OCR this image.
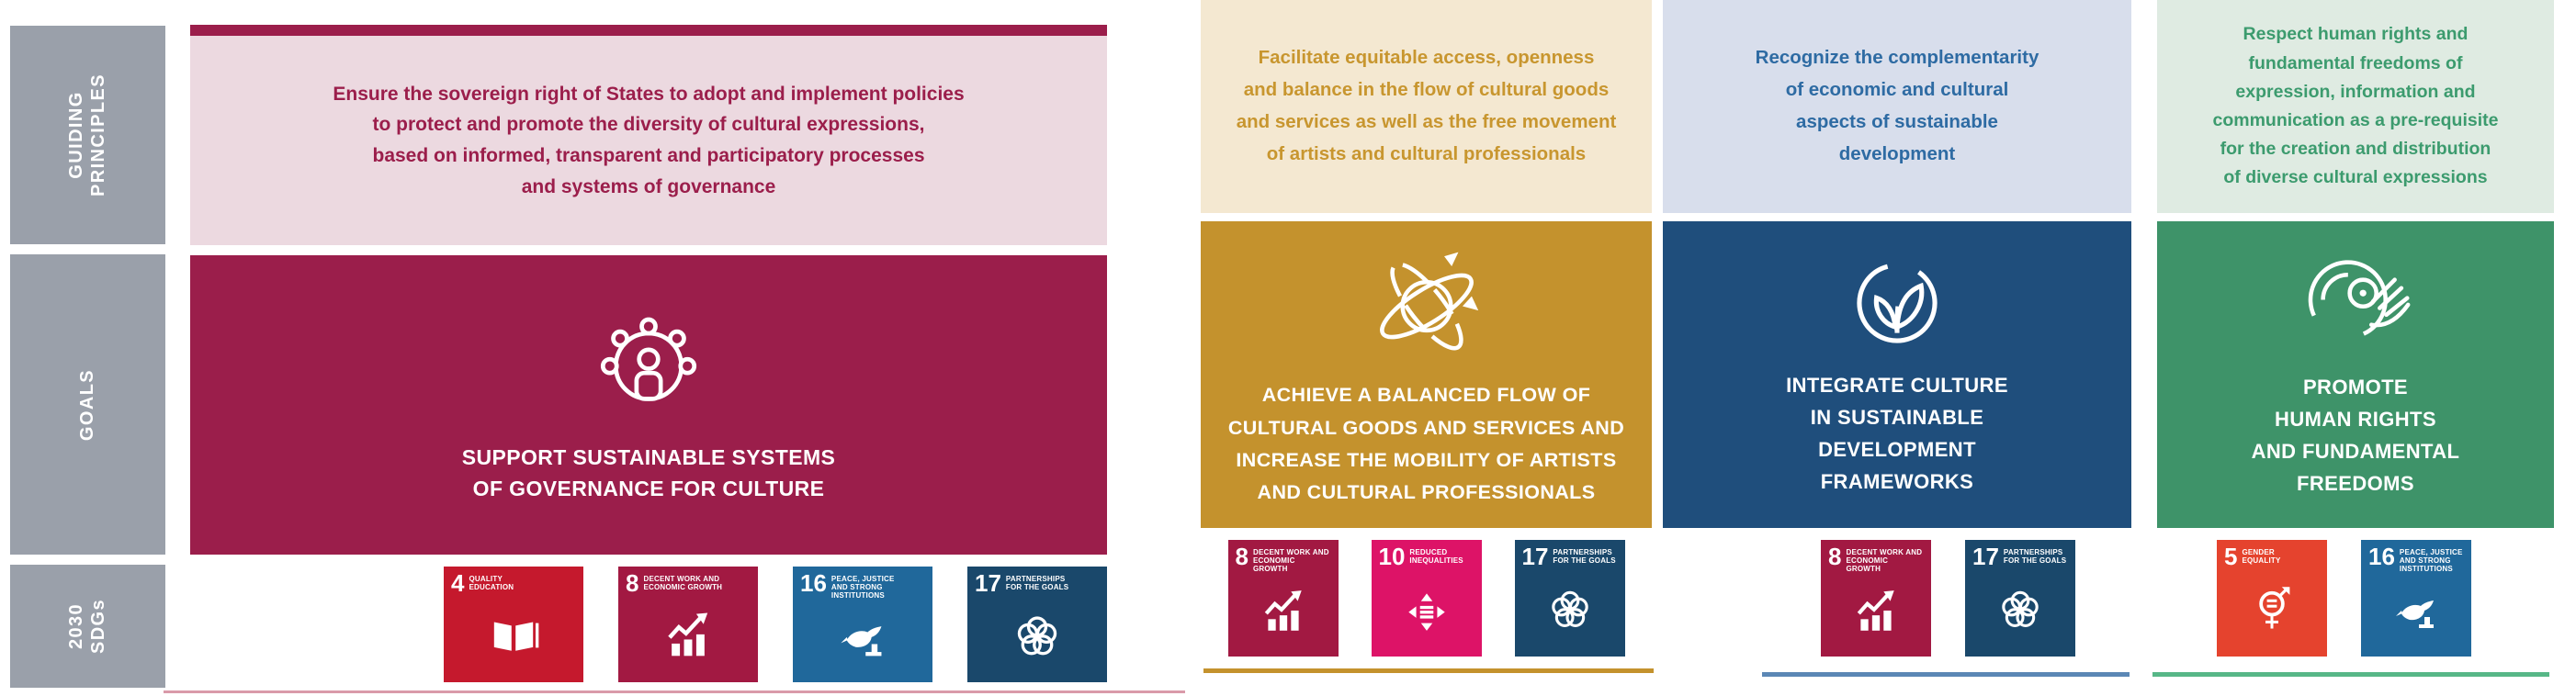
GUIDING
PRINCIPLES
GOALS
2030
SDGs
Ensure the sovereign right of States to adopt and implement policies
to protect and promote the diversity of cultural expressions,
based on informed, transparent and participatory processes
and systems of governance
SUPPORT SUSTAINABLE SYSTEMS
OF GOVERNANCE FOR CULTURE
4 QUALITY
EDUCATION	8 DECENT WORK AND
ECONOMIC GROWTH	16 PEACE, JUSTICE
AND STRONG
INSTITUTIONS	17 PARTNERSHIPS
FOR THE GOALS
Facilitate equitable access, openness
and balance in the flow of cultural goods
and services as well as the free movement
of artists and cultural professionals
ACHIEVE A BALANCED FLOW OF
CULTURAL GOODS AND SERVICES AND
INCREASE THE MOBILITY OF ARTISTS
AND CULTURAL PROFESSIONALS
8 DECENT WORK AND
ECONOMIC GROWTH	10 REDUCED
INEQUALITIES 17 PARTNERSHIPS
FOR THE GOALS
Recognize the complementarity
of economic and cultural
aspects of sustainable
development
INTEGRATE CULTURE
IN SUSTAINABLE
DEVELOPMENT
FRAMEWORKS
8 DECENT WORK AND
ECONOMIC GROWTH	17 PARTNERSHIPS
FOR THE GOALS
Respect human rights and
fundamental freedoms of
expression, information and
communication as a pre-requisite
for the creation and distribution
of diverse cultural expressions
PROMOTE
HUMAN RIGHTS
AND FUNDAMENTAL
FREEDOMS
5 GENDER
EQUALITY	16 PEACE, JUSTICE
AND STRONG
INSTITUTIONS
